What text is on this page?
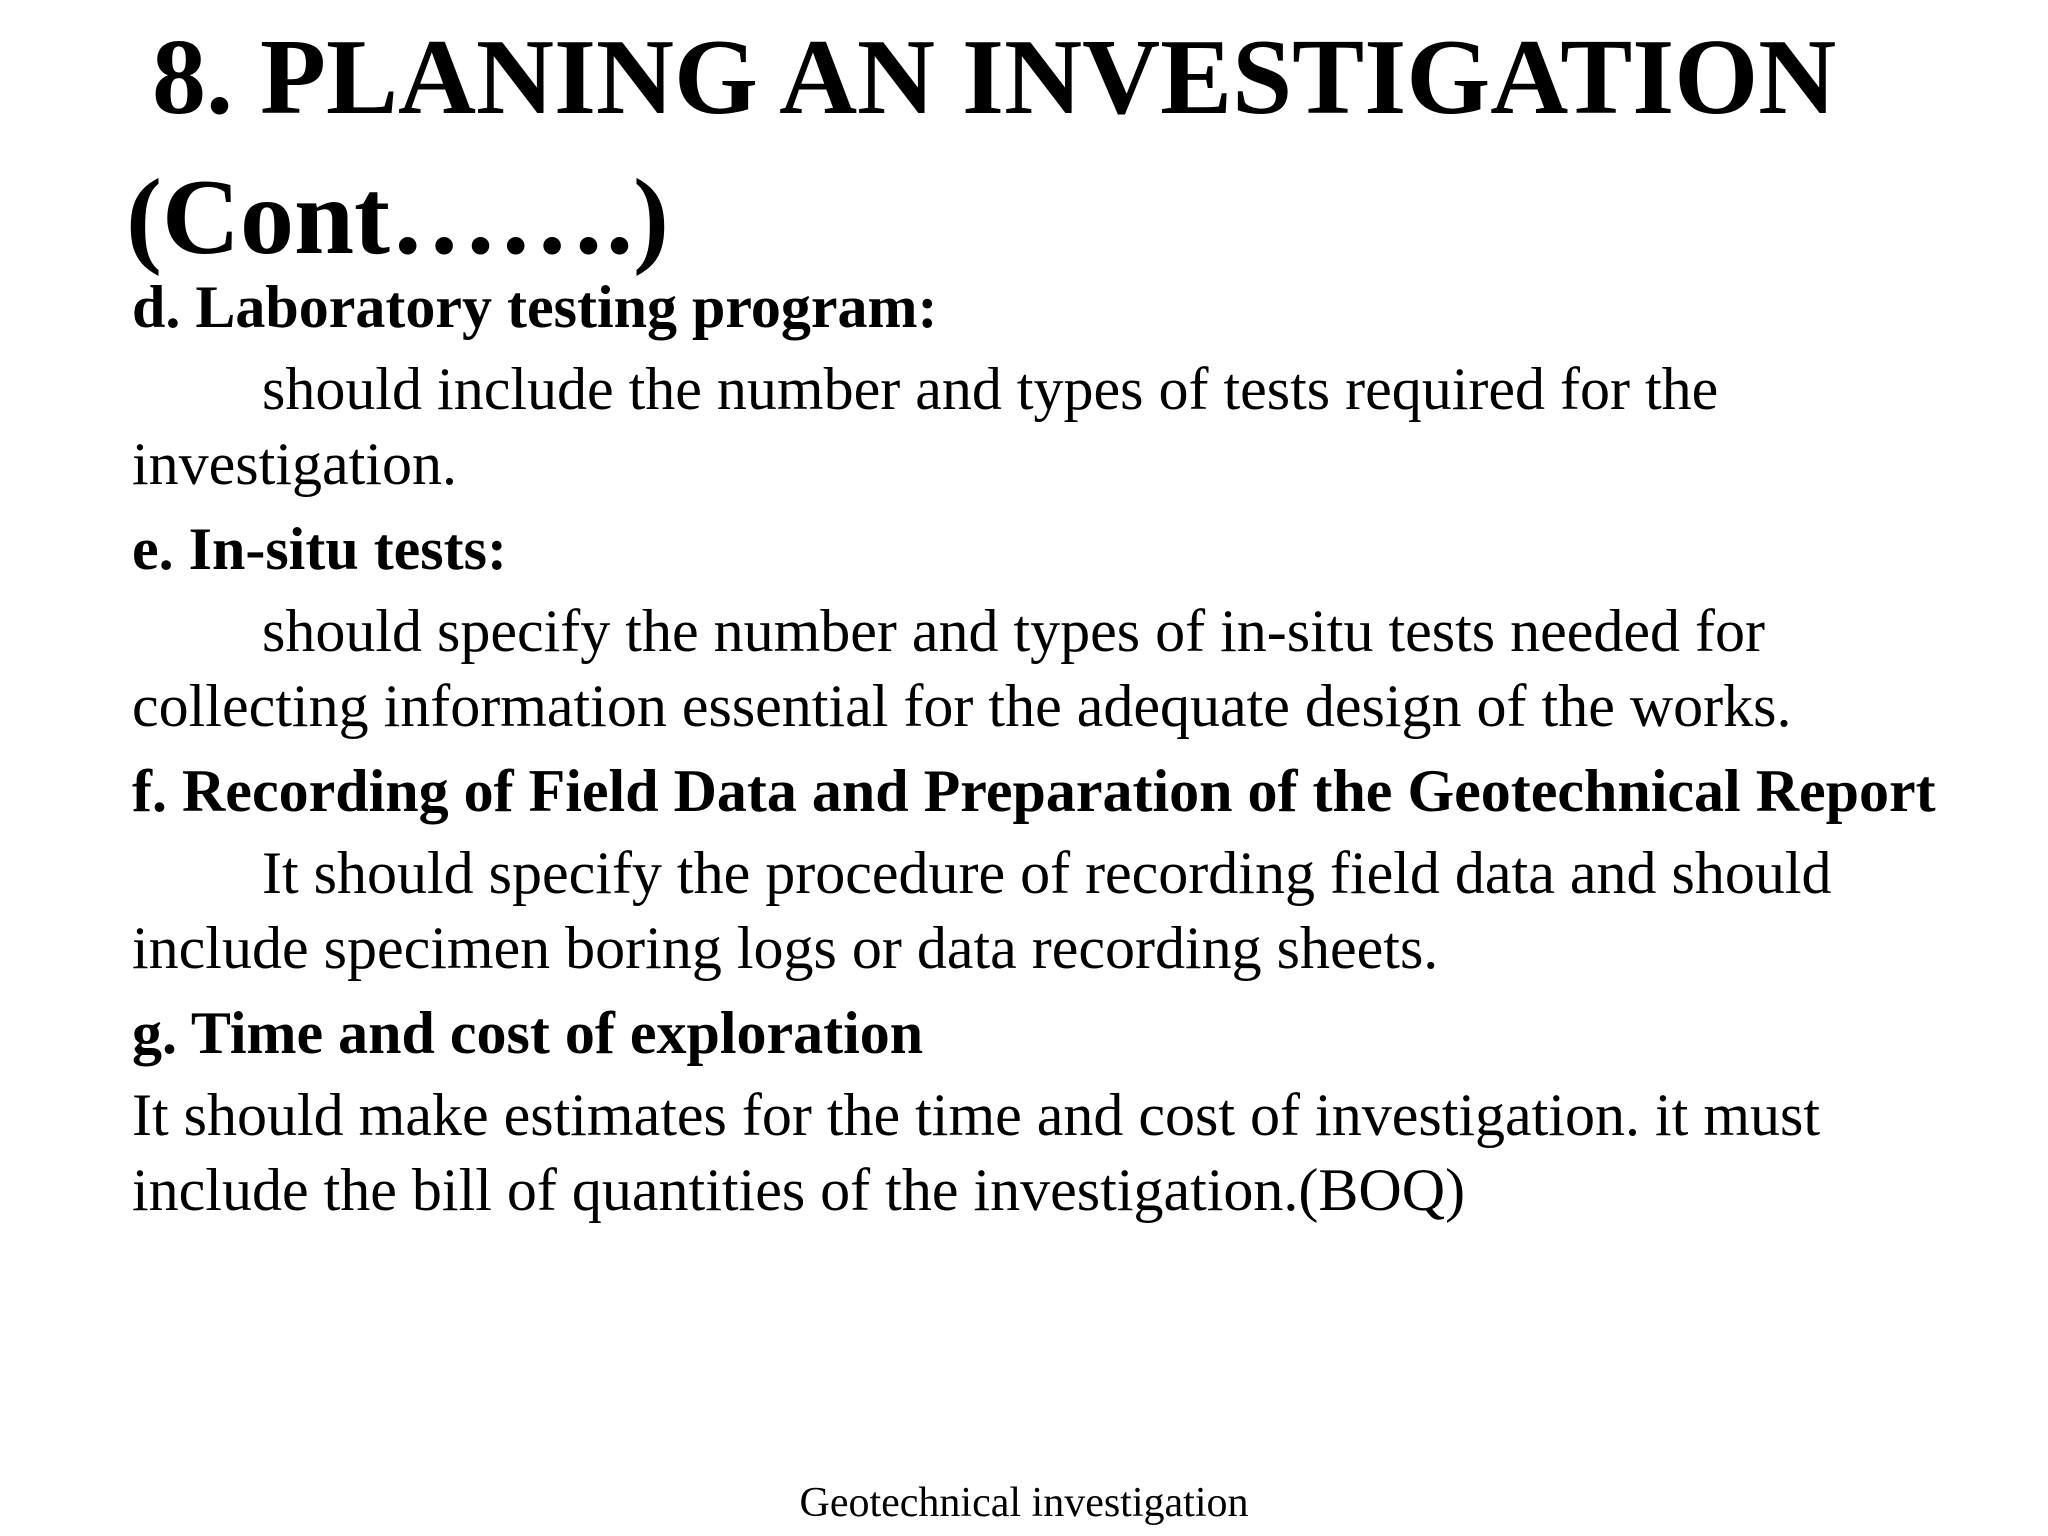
8. PLANING AN INVESTIGATION
(Cont…….)

d. Laboratory testing program:

should include the number and types of tests required for the investigation.

e. In-situ tests:

should specify the number and types of in-situ tests needed for collecting information essential for the adequate design of the works.

f. Recording of Field Data and Preparation of the Geotechnical Report

It should specify the procedure of recording field data and should include specimen boring logs or data recording sheets.

g. Time and cost of exploration

It should make estimates for the time and cost of investigation. it must include the bill of quantities of the investigation.(BOQ)

Geotechnical investigation
